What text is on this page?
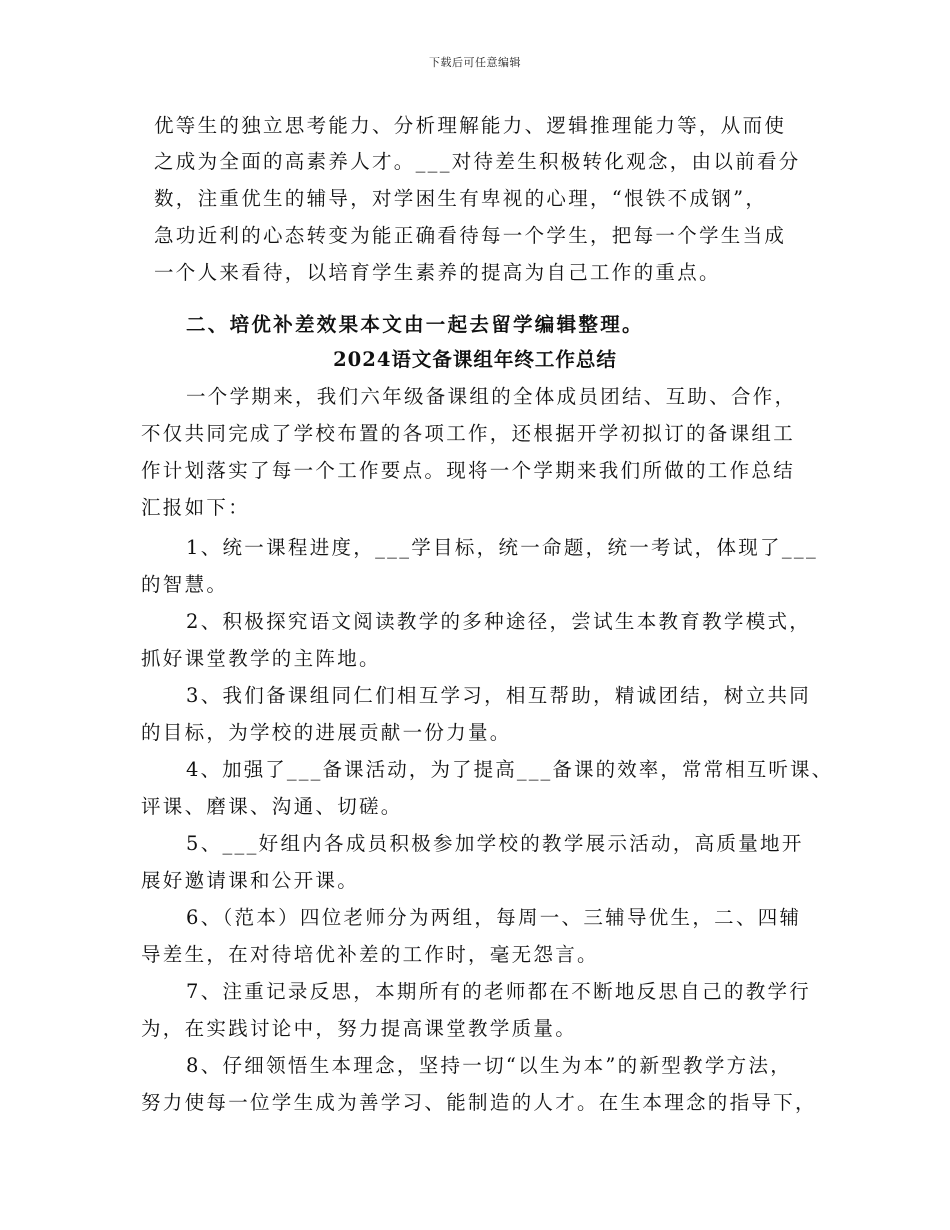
下载后可任意编辑
优等生的独立思考能力、分析理解能力、逻辑推理能力等，从而使
之成为全面的高素养人才。___对待差生积极转化观念，由以前看分
数，注重优生的辅导，对学困生有卑视的心理，“恨铁不成钢”，
急功近利的心态转变为能正确看待每一个学生，把每一个学生当成
一个人来看待，以培育学生素养的提高为自己工作的重点。
二、培优补差效果本文由一起去留学编辑整理。
2024语文备课组年终工作总结
一个学期来，我们六年级备课组的全体成员团结、互助、合作，
不仅共同完成了学校布置的各项工作，还根据开学初拟订的备课组工
作计划落实了每一个工作要点。现将一个学期来我们所做的工作总结
汇报如下：
1、统一课程进度，___学目标，统一命题，统一考试，体现了___
的智慧。
2、积极探究语文阅读教学的多种途径，尝试生本教育教学模式，
抓好课堂教学的主阵地。
3、我们备课组同仁们相互学习，相互帮助，精诚团结，树立共同
的目标，为学校的进展贡献一份力量。
4、加强了___备课活动，为了提高___备课的效率，常常相互听课、
评课、磨课、沟通、切磋。
5、___好组内各成员积极参加学校的教学展示活动，高质量地开
展好邀请课和公开课。
6、（范本）四位老师分为两组，每周一、三辅导优生，二、四辅
导差生，在对待培优补差的工作时，毫无怨言。
7、注重记录反思，本期所有的老师都在不断地反思自己的教学行
为，在实践讨论中，努力提高课堂教学质量。
8、仔细领悟生本理念，坚持一切“以生为本”的新型教学方法，
努力使每一位学生成为善学习、能制造的人才。在生本理念的指导下，
